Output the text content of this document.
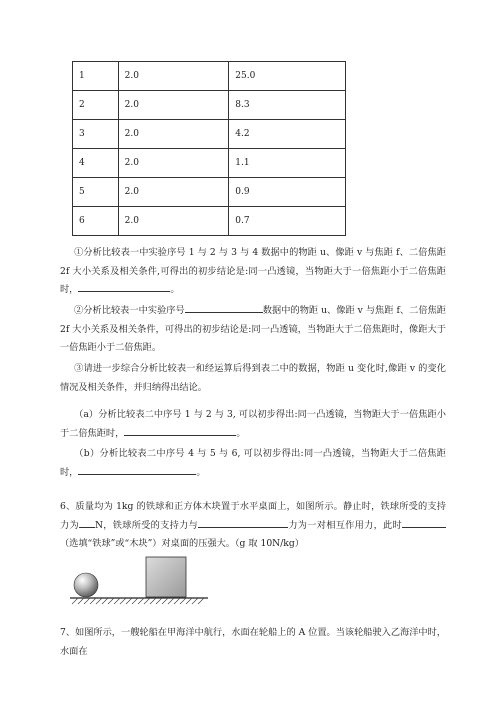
1	2.0	25.0
2	2.0	8.3
3	2.0	4.2
4	2.0	1.1
5	2.0	0.9
6	2.0	0.7

①分析比较表一中实验序号 1 与 2 与 3 与 4 数据中的物距 u、像距 v 与焦距 f、二倍焦距 2f 大小关系及相关条件,可得出的初步结论是:同一凸透镜，当物距大于一倍焦距小于二倍焦距时，	。

②分析比较表一中实验序号	数据中的物距 u、像距 v 与焦距 f、二倍焦距 2f 大小关系及相关条件，可得出的初步结论是:同一凸透镜，当物距大于二倍焦距时，像距大于一倍焦距小于二倍焦距。

③请进一步综合分析比较表一和经运算后得到表二中的数据，物距 u 变化时,像距 v 的变化情况及相关条件，并归纳得出结论。

（a）分析比较表二中序号 1 与 2 与 3, 可以初步得出:同一凸透镜，当物距大于一倍焦距小于二倍焦距时，	。

（b）分析比较表二中序号 4 与 5 与 6, 可以初步得出:同一凸透镜，当物距大于二倍焦距时，	。

6、质量均为 1kg 的铁球和正方体木块置于水平桌面上，如图所示。静止时，铁球所受的支持力为 N，铁球所受的支持力与	力为一对相互作用力，此时（选填“铁球”或“木块”）对桌面的压强大。（g 取 10N/kg）

7、如图所示，一艘轮船在甲海洋中航行，水面在轮船上的 A 位置。当该轮船驶入乙海洋中时，水面在
